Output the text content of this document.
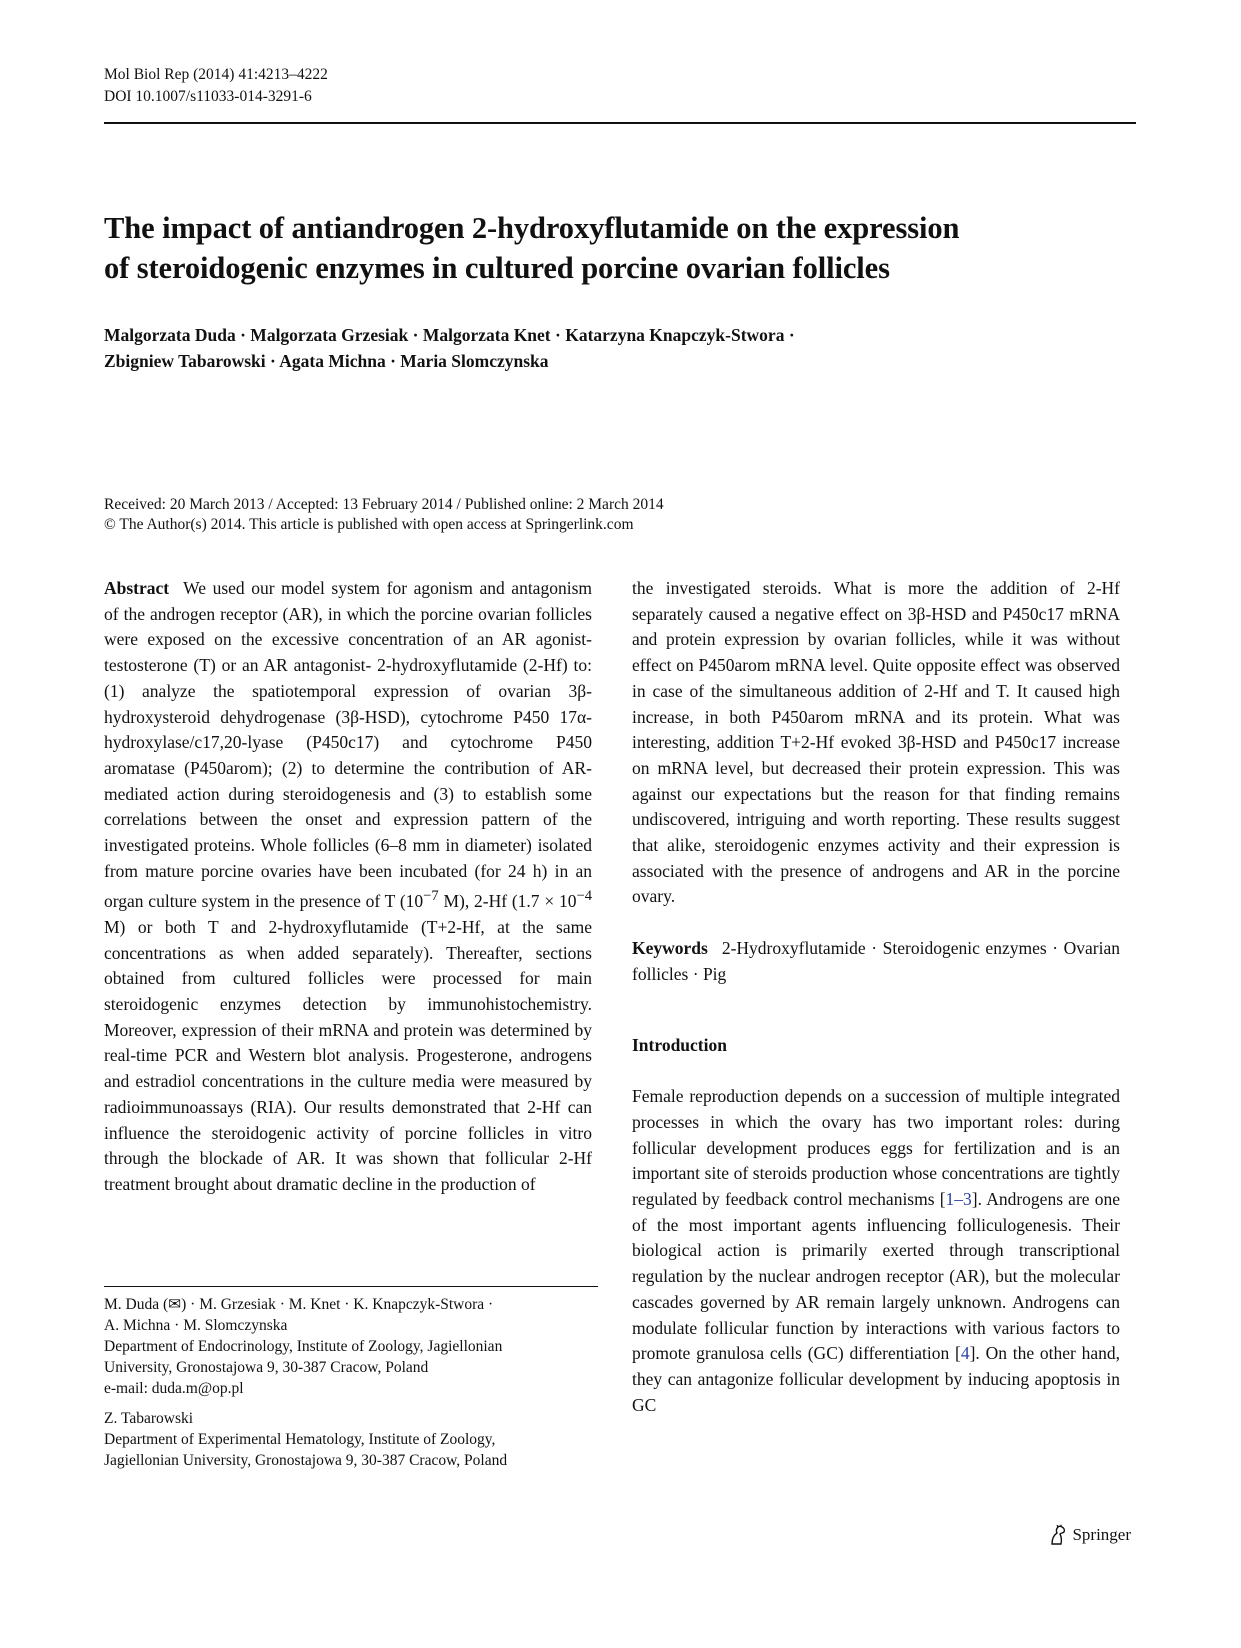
Mol Biol Rep (2014) 41:4213–4222
DOI 10.1007/s11033-014-3291-6
The impact of antiandrogen 2-hydroxyflutamide on the expression
of steroidogenic enzymes in cultured porcine ovarian follicles
Malgorzata Duda · Malgorzata Grzesiak · Malgorzata Knet · Katarzyna Knapczyk-Stwora ·
Zbigniew Tabarowski · Agata Michna · Maria Slomczynska
Received: 20 March 2013 / Accepted: 13 February 2014 / Published online: 2 March 2014
© The Author(s) 2014. This article is published with open access at Springerlink.com

Abstract We used our model system for agonism and antagonism of the androgen receptor (AR), in which the porcine ovarian follicles were exposed on the excessive concentration of an AR agonist- testosterone (T) or an AR antagonist- 2-hydroxyflutamide (2-Hf) to: (1) analyze the spatiotemporal expression of ovarian 3β-hydroxysteroid dehydrogenase (3β-HSD), cytochrome P450 17α-hydroxylase/c17,20-lyase (P450c17) and cytochrome P450 aromatase (P450arom); (2) to determine the contribution of AR-mediated action during steroidogenesis and (3) to establish some correlations between the onset and expression pattern of the investigated proteins. Whole follicles (6–8 mm in diameter) isolated from mature porcine ovaries have been incubated (for 24 h) in an organ culture system in the presence of T ($10^{-7}$ M), 2-Hf ($1.7 \times 10^{-4}$ M) or both T and 2-hydroxyflutamide (T+2-Hf, at the same concentrations as when added separately). Thereafter, sections obtained from cultured follicles were processed for main steroidogenic enzymes detection by immunohistochemistry. Moreover, expression of their mRNA and protein was determined by real-time PCR and Western blot analysis. Progesterone, androgens and estradiol concentrations in the culture media were measured by radioimmunoassays (RIA). Our results demonstrated that 2-Hf can influence the steroidogenic activity of porcine follicles in vitro through the blockade of AR. It was shown that follicular 2-Hf treatment brought about dramatic decline in the production of

the investigated steroids. What is more the addition of 2-Hf separately caused a negative effect on 3β-HSD and P450c17 mRNA and protein expression by ovarian follicles, while it was without effect on P450arom mRNA level. Quite opposite effect was observed in case of the simultaneous addition of 2-Hf and T. It caused high increase, in both P450arom mRNA and its protein. What was interesting, addition T+2-Hf evoked 3β-HSD and P450c17 increase on mRNA level, but decreased their protein expression. This was against our expectations but the reason for that finding remains undiscovered, intriguing and worth reporting. These results suggest that alike, steroidogenic enzymes activity and their expression is associated with the presence of androgens and AR in the porcine ovary.

Keywords 2-Hydroxyflutamide · Steroidogenic enzymes · Ovarian follicles · Pig

Introduction

Female reproduction depends on a succession of multiple integrated processes in which the ovary has two important roles: during follicular development produces eggs for fertilization and is an important site of steroids production whose concentrations are tightly regulated by feedback control mechanisms [1–3]. Androgens are one of the most important agents influencing folliculogenesis. Their biological action is primarily exerted through transcriptional regulation by the nuclear androgen receptor (AR), but the molecular cascades governed by AR remain largely unknown. Androgens can modulate follicular function by interactions with various factors to promote granulosa cells (GC) differentiation [4]. On the other hand, they can antagonize follicular development by inducing apoptosis in GC

M. Duda (✉) · M. Grzesiak · M. Knet · K. Knapczyk-Stwora ·
A. Michna · M. Slomczynska
Department of Endocrinology, Institute of Zoology, Jagiellonian
University, Gronostajowa 9, 30-387 Cracow, Poland
e-mail: duda.m@op.pl
Z. Tabarowski
Department of Experimental Hematology, Institute of Zoology,
Jagiellonian University, Gronostajowa 9, 30-387 Cracow, Poland
Springer
